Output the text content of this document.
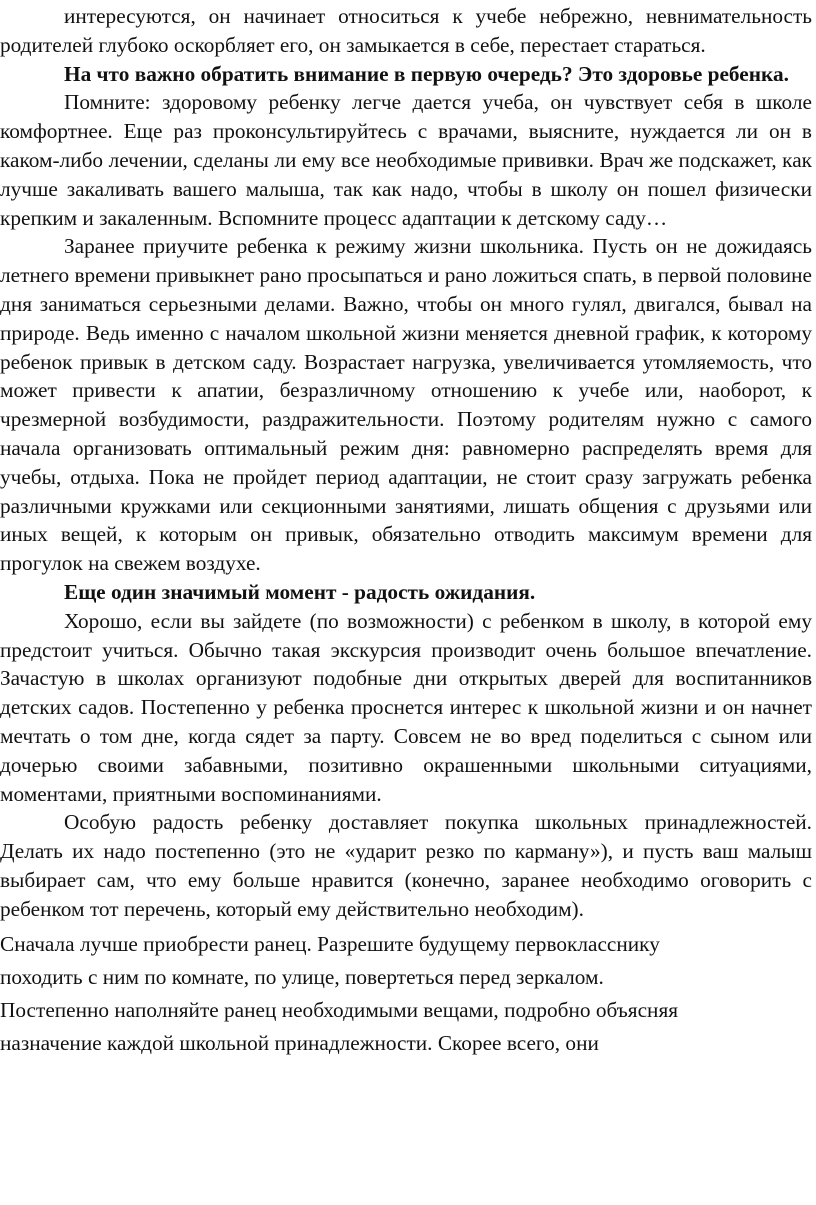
интересуются, он начинает относиться к учебе небрежно, невнимательность родителей глубоко оскорбляет его, он замыкается в себе, перестает стараться.

На что важно обратить внимание в первую очередь? Это здоровье ребенка.

Помните: здоровому ребенку легче дается учеба, он чувствует себя в школе комфортнее. Еще раз проконсультируйтесь с врачами, выясните, нуждается ли он в каком-либо лечении, сделаны ли ему все необходимые прививки. Врач же подскажет, как лучше закаливать вашего малыша, так как надо, чтобы в школу он пошел физически крепким и закаленным. Вспомните процесс адаптации к детскому саду…

Заранее приучите ребенка к режиму жизни школьника. Пусть он не дожидаясь летнего времени привыкнет рано просыпаться и рано ложиться спать, в первой половине дня заниматься серьезными делами. Важно, чтобы он много гулял, двигался, бывал на природе. Ведь именно с началом школьной жизни меняется дневной график, к которому ребенок привык в детском саду. Возрастает нагрузка, увеличивается утомляемость, что может привести к апатии, безразличному отношению к учебе или, наоборот, к чрезмерной возбудимости, раздражительности. Поэтому родителям нужно с самого начала организовать оптимальный режим дня: равномерно распределять время для учебы, отдыха. Пока не пройдет период адаптации, не стоит сразу загружать ребенка различными кружками или секционными занятиями, лишать общения с друзьями или иных вещей, к которым он привык, обязательно отводить максимум времени для прогулок на свежем воздухе.

Еще один значимый момент - радость ожидания.

Хорошо, если вы зайдете (по возможности) с ребенком в школу, в которой ему предстоит учиться. Обычно такая экскурсия производит очень большое впечатление. Зачастую в школах организуют подобные дни открытых дверей для воспитанников детских садов. Постепенно у ребенка проснется интерес к школьной жизни и он начнет мечтать о том дне, когда сядет за парту. Совсем не во вред поделиться с сыном или дочерью своими забавными, позитивно окрашенными школьными ситуациями, моментами, приятными воспоминаниями.

Особую радость ребенку доставляет покупка школьных принадлежностей. Делать их надо постепенно (это не «ударит резко по карману»), и пусть ваш малыш выбирает сам, что ему больше нравится (конечно, заранее необходимо оговорить с ребенком тот перечень, который ему действительно необходим).

Сначала лучше приобрести ранец. Разрешите будущему первокласснику

походить с ним по комнате, по улице, повертеться перед зеркалом.

Постепенно наполняйте ранец необходимыми вещами, подробно объясняя

назначение каждой школьной принадлежности. Скорее всего, они
